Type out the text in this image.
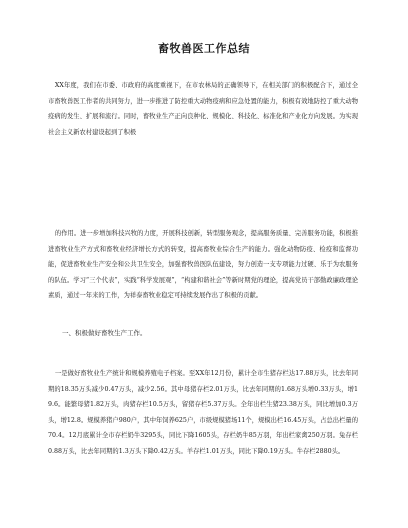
畜牧兽医工作总结

XX年度，我们在市委、市政府的高度重视下，在市农林局的正确领导下，在相关部门的积极配合下，通过全市畜牧兽医工作者的共同努力，进一步推进了防控重大动物疫病和应急处置的能力，积极有效地防控了重大动物疫病的发生、扩展和流行。同时，畜牧业生产正向良种化、规模化、科技化、标准化和产业化方向发展。为实现社会主义新农村建设起到了积极

的作用。进一步增加科技兴牧的力度，开展科技创新，转型服务观念，提高服务质量、完善服务功能，积极推进畜牧业生产方式和畜牧业经济增长方式的转变，提高畜牧业综合生产的能力。强化动物防疫、检疫和监督功能，促进畜牧业生产安全和公共卫生安全，加强畜牧兽医队伍建设，努力创造一支专项能力过硬、乐于为农服务的队伍。学习“三个代表”，实践“科学发展观”，“构建和谐社会”等新时期党的理论，提高党员干部勤政廉政理论素质，通过一年来的工作，为祥泰畜牧业稳定可持续发展作出了积极的贡献。

一、积极做好畜牧生产工作。

一是做好畜牧业生产统计和规模养殖电子档案。至XX年12月份，累计全市生猪存栏达17.88万头，比去年同期的18.35万头减少0.47万头，减少2.56。其中母猪存栏2.01万头，比去年同期的1.68万头增0.33万头，增19.6。能繁母猪1.82万头，肉猪存栏10.5万头，留猪存栏5.37万头。全年出栏生猪23.38万头，同比增加0.3万头，增12.8。规模养猪户980户，其中年饲养625户，市级规模猪场11个，规模出栏16.45万头，占总出栏量的70.4。12月底累计全市存栏奶牛3295头，同比下降1605头，存栏奶牛85万羽，年出栏家禽250万羽。兔存栏0.88万头，比去年同期的1.3万头下降0.42万头。羊存栏1.01万头，同比下降0.19万头。牛存栏2880头。
